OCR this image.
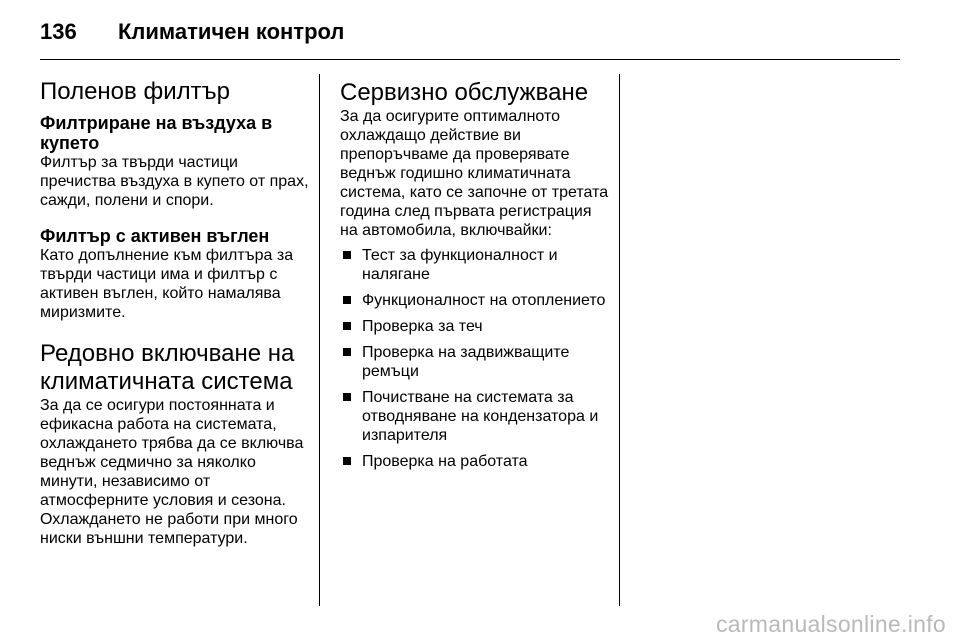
136	Климатичен контрол
Поленов филтър
Филтриране на въздуха в купето

Филтър за твърди частици пречиства въздуха в купето от прах, сажди, полени и спори.

Филтър с активен въглен

Като допълнение към филтъра за твърди частици има и филтър с активен въглен, който намалява миризмите.

Редовно включване на климатичната система

За да се осигури постоянната и ефикасна работа на системата, охлаждането трябва да се включва веднъж седмично за няколко минути, независимо от атмосферните условия и сезона. Охлаждането не работи при много ниски външни температури.

Сервизно обслужване

За да осигурите оптималното охлаждащо действие ви препоръчваме да проверявате веднъж годишно климатичната система, като се започне от третата година след първата регистрация на автомобила, включвайки:

Тест за функционалност и налягане
Функционалност на отоплението
Проверка за теч
Проверка на задвижващите ремъци
Почистване на системата за отводняване на кондензатора и изпарителя
Проверка на работата
carmanualsonline.info
